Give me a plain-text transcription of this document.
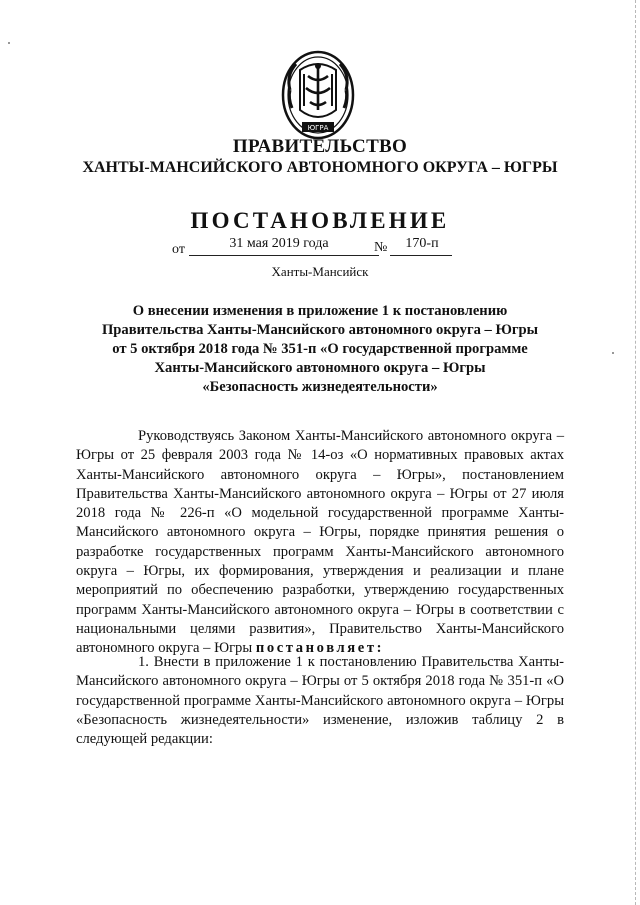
ЮГРА
ПРАВИТЕЛЬСТВО
ХАНТЫ-МАНСИЙСКОГО АВТОНОМНОГО ОКРУГА – ЮГРЫ
ПОСТАНОВЛЕНИЕ
от	31 мая 2019 года	№	170-п
Ханты-Мансийск
О внесении изменения в приложение 1 к постановлению
Правительства Ханты-Мансийского автономного округа – Югры
от 5 октября 2018 года № 351-п «О государственной программе
Ханты-Мансийского автономного округа – Югры
«Безопасность жизнедеятельности»
Руководствуясь Законом Ханты-Мансийского автономного округа – Югры от 25 февраля 2003 года № 14-оз «О нормативных правовых актах Ханты-Мансийского автономного округа – Югры», постановлением Правительства Ханты-Мансийского автономного округа – Югры от 27 июля 2018 года № 226-п «О модельной государственной программе Ханты-Мансийского автономного округа – Югры, порядке принятия решения о разработке государственных программ Ханты-Мансийского автономного округа – Югры, их формирования, утверждения и реализации и плане мероприятий по обеспечению разработки, утверждению государственных программ Ханты-Мансийского автономного округа – Югры в соответствии с национальными целями развития», Правительство Ханты-Мансийского автономного округа – Югры постановляет:
1. Внести в приложение 1 к постановлению Правительства Ханты-Мансийского автономного округа – Югры от 5 октября 2018 года № 351-п «О государственной программе Ханты-Мансийского автономного округа – Югры «Безопасность жизнедеятельности» изменение, изложив таблицу 2 в следующей редакции:
